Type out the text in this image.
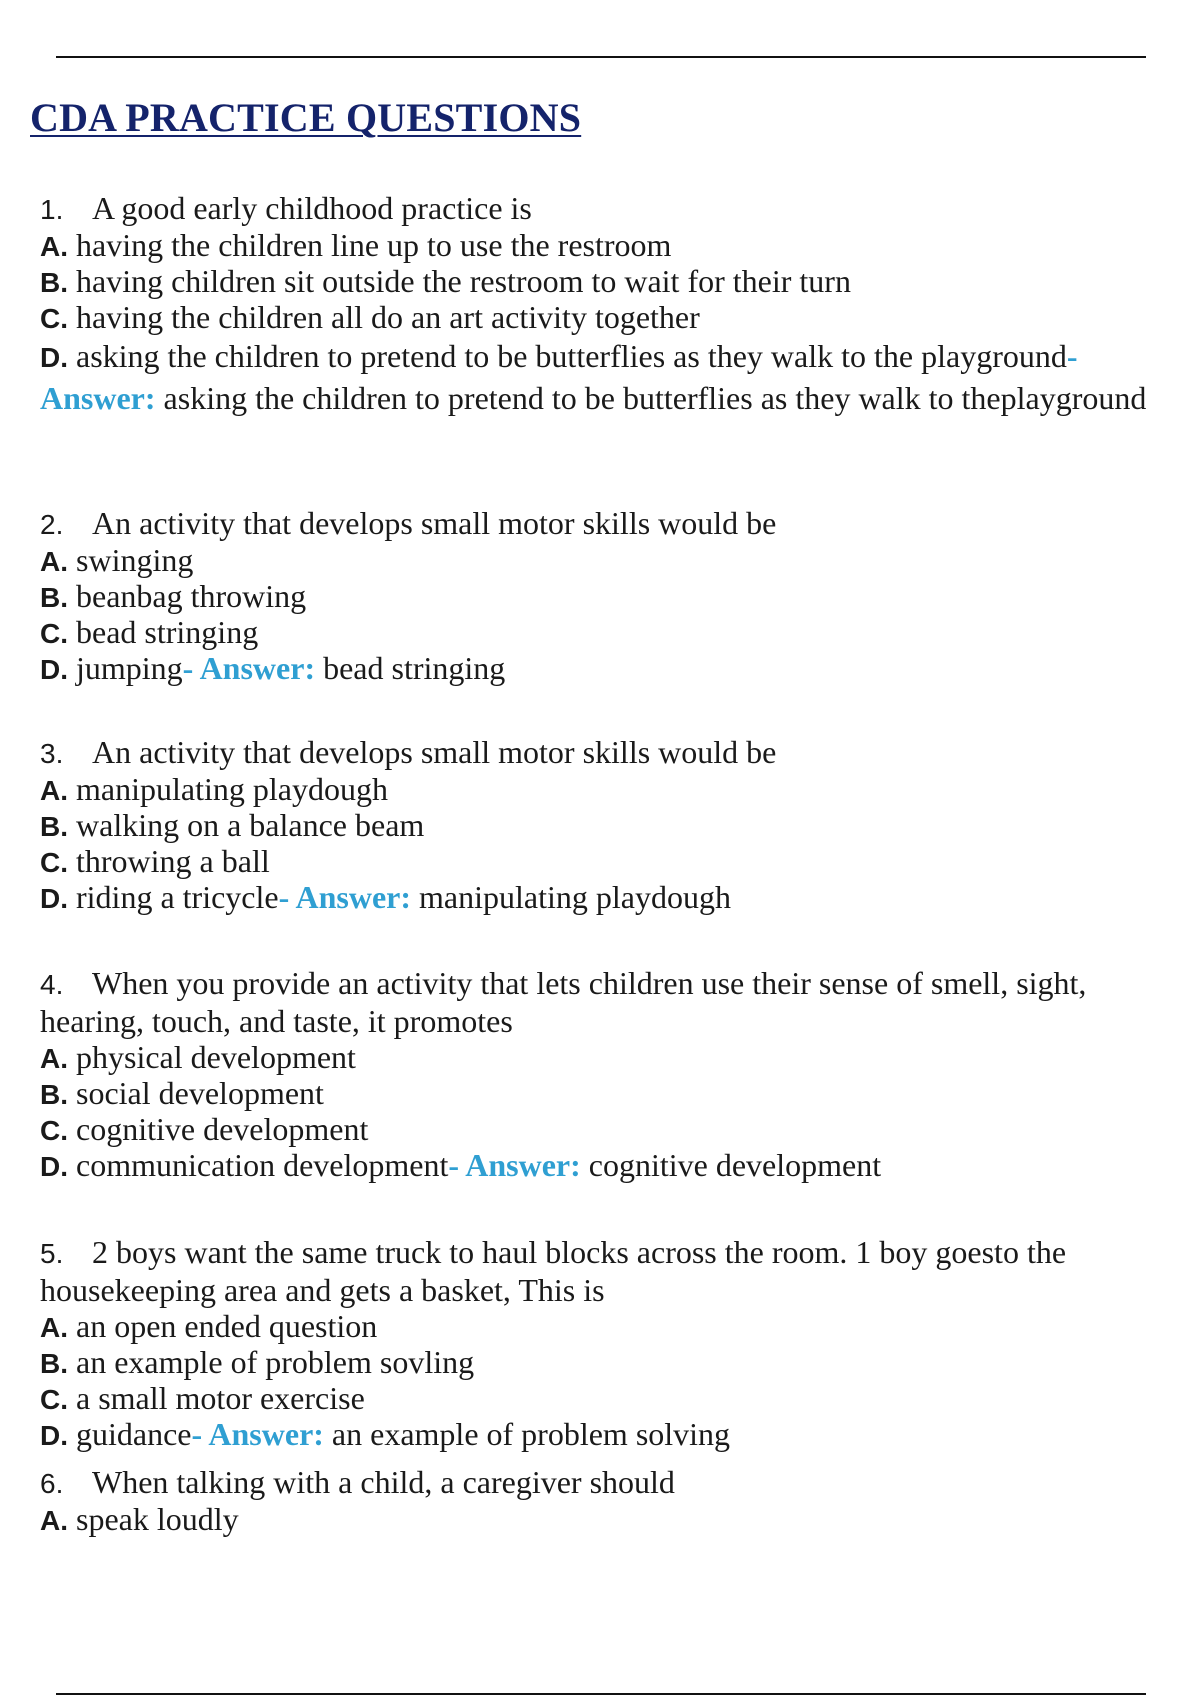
CDA PRACTICE QUESTIONS
1. A good early childhood practice is
A. having the children line up to use the restroom
B. having children sit outside the restroom to wait for their turn
C. having the children all do an art activity together
D. asking the children to pretend to be butterflies as they walk to the playground- Answer: asking the children to pretend to be butterflies as they walk to theplayground
2. An activity that develops small motor skills would be
A. swinging
B. beanbag throwing
C. bead stringing
D. jumping- Answer: bead stringing
3. An activity that develops small motor skills would be
A. manipulating playdough
B. walking on a balance beam
C. throwing a ball
D. riding a tricycle- Answer: manipulating playdough
4. When you provide an activity that lets children use their sense of smell, sight, hearing, touch, and taste, it promotes
A. physical development
B. social development
C. cognitive development
D. communication development- Answer: cognitive development
5. 2 boys want the same truck to haul blocks across the room. 1 boy goesto the housekeeping area and gets a basket, This is
A. an open ended question
B. an example of problem sovling
C. a small motor exercise
D. guidance- Answer: an example of problem solving
6. When talking with a child, a caregiver should
A. speak loudly
